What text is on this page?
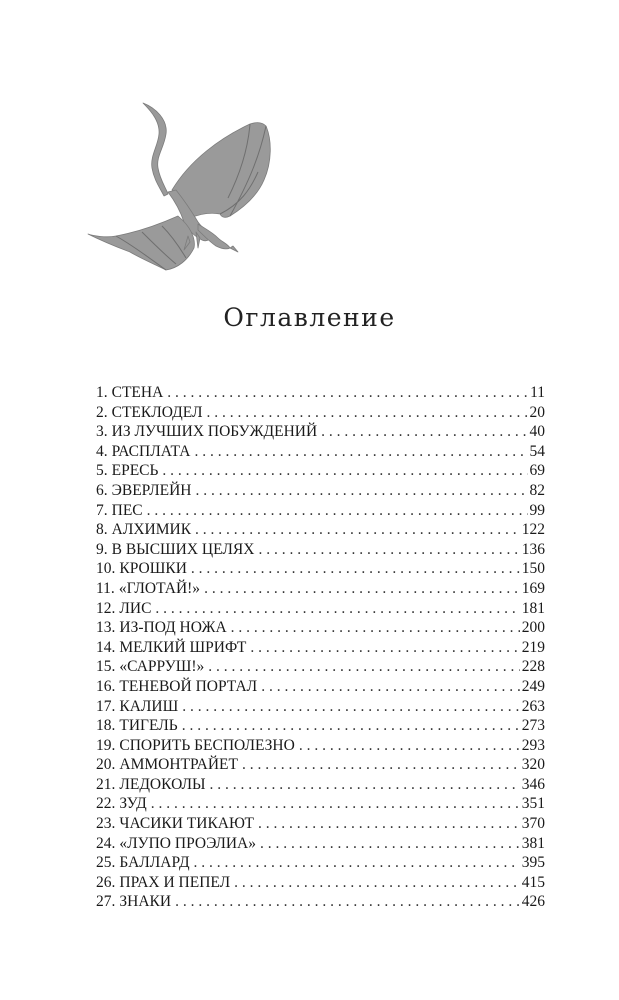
Оглавление
1. СТЕНА . . .	11
2. СТЕКЛОДЕЛ . . .	20
3. ИЗ ЛУЧШИХ ПОБУЖДЕНИЙ . . .	40
4. РАСПЛАТА . . .	54
5. ЕРЕСЬ . . .	69
6. ЭВЕРЛЕЙН . . .	82
7. ПЕС . . .	99
8. АЛХИМИК . . .	122
9. В ВЫСШИХ ЦЕЛЯХ . . .	136
10. КРОШКИ . . .	150
11. «ГЛОТАЙ!» . . .	169
12. ЛИС . . .	181
13. ИЗ-ПОД НОЖА . . .	200
14. МЕЛКИЙ ШРИФТ . . .	219
15. «САРРУШ!» . . .	228
16. ТЕНЕВОЙ ПОРТАЛ . . .	249
17. КАЛИШ . . .	263
18. ТИГЕЛЬ . . .	273
19. СПОРИТЬ БЕСПОЛЕЗНО . . .	293
20. АММОНТРАЙЕТ . . .	320
21. ЛЕДОКОЛЫ . . .	346
22. ЗУД . . .	351
23. ЧАСИКИ ТИКАЮТ . . .	370
24. «ЛУПО ПРОЭЛИА» . . .	381
25. БАЛЛАРД . . .	395
26. ПРАХ И ПЕПЕЛ . . .	415
27. ЗНАКИ . . .	426
